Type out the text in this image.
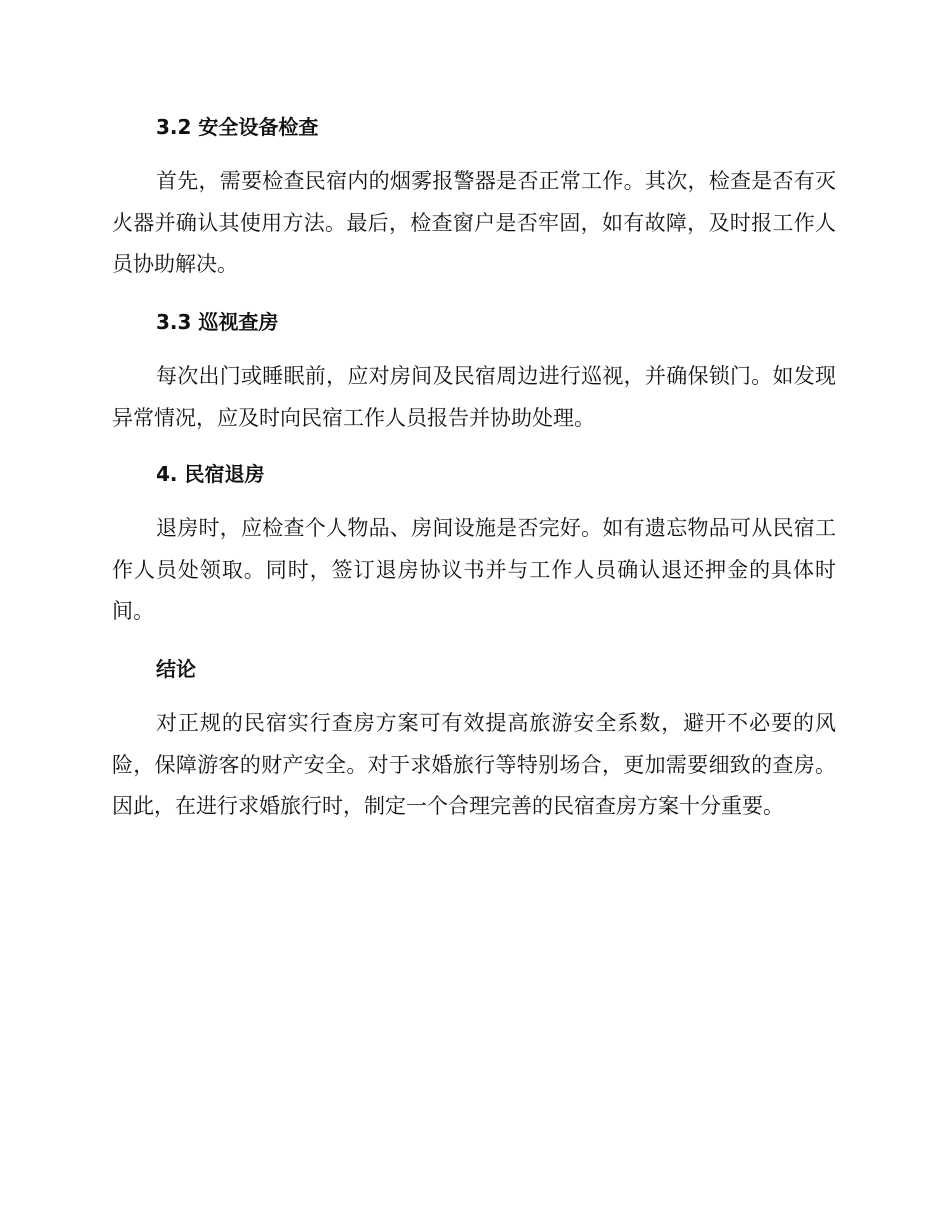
3.2 安全设备检查

首先，需要检查民宿内的烟雾报警器是否正常工作。其次，检查是否有灭火器并确认其使用方法。最后，检查窗户是否牢固，如有故障，及时报工作人员协助解决。

3.3 巡视查房

每次出门或睡眠前，应对房间及民宿周边进行巡视，并确保锁门。如发现异常情况，应及时向民宿工作人员报告并协助处理。

4. 民宿退房

退房时，应检查个人物品、房间设施是否完好。如有遗忘物品可从民宿工作人员处领取。同时，签订退房协议书并与工作人员确认退还押金的具体时间。

结论

对正规的民宿实行查房方案可有效提高旅游安全系数，避开不必要的风险，保障游客的财产安全。对于求婚旅行等特别场合，更加需要细致的查房。因此，在进行求婚旅行时，制定一个合理完善的民宿查房方案十分重要。
